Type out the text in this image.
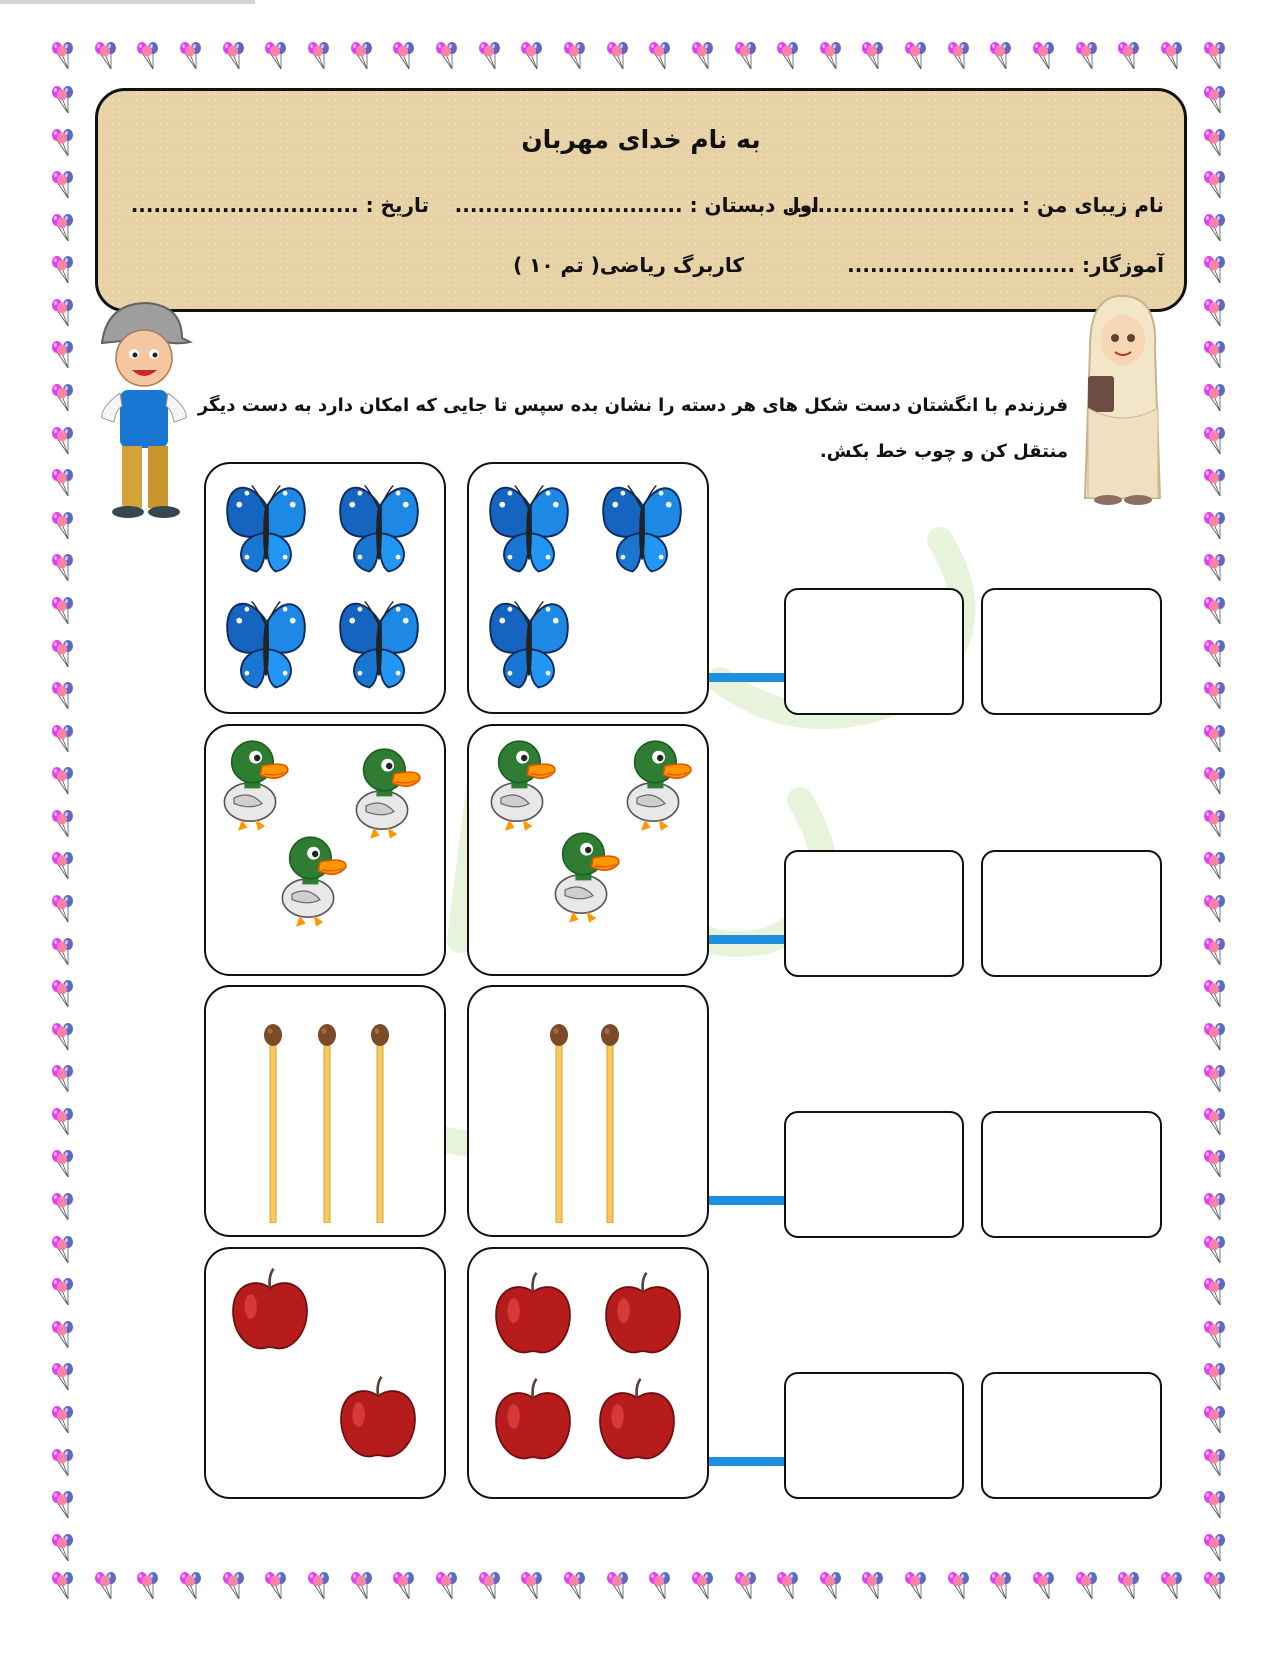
به نام خدای مهربان
نام زیبای من : ..............................
اول دبستان : ..............................
تاریخ : ..............................
آموزگار: ..............................
کاربرگ ریاضی( تم ۱۰ )
فرزندم با انگشتان دست شکل های هر دسته را نشان بده سپس تا جایی که امکان دارد به دست دیگر منتقل کن و چوب خط بکش.
